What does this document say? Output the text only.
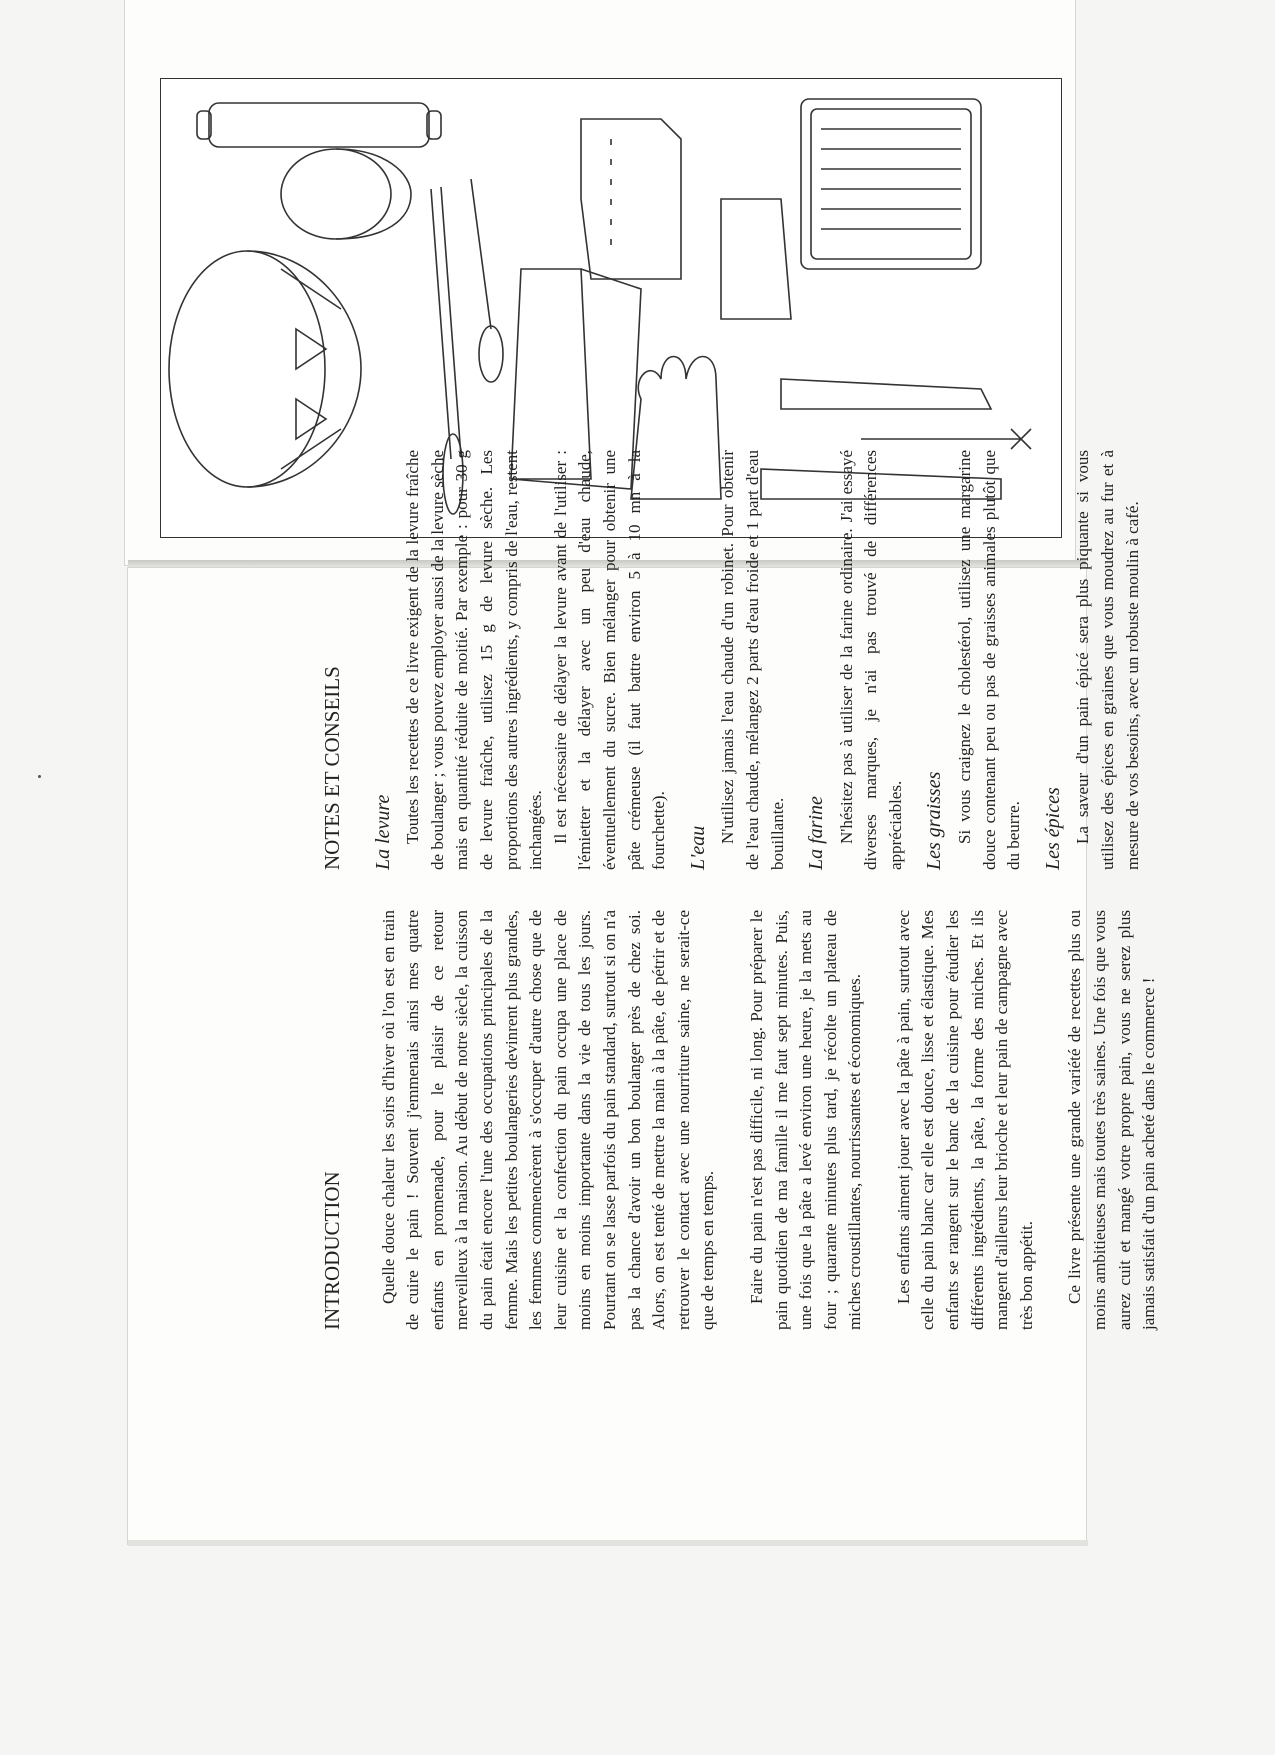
INTRODUCTION Quelle douce chaleur les soirs d'hiver où l'on est en train de cuire le pain ! Souvent j'emmenais ainsi mes quatre enfants en promenade, pour le plaisir de ce retour merveilleux à la maison. Au début de notre siècle, la cuisson du pain était encore l'une des occupations principales de la femme. Mais les petites boulangeries devinrent plus grandes, les femmes commencèrent à s'occuper d'autre chose que de leur cuisine et la confection du pain occupa une place de moins en moins importante dans la vie de tous les jours. Pourtant on se lasse parfois du pain standard, surtout si on n'a pas la chance d'avoir un bon boulanger près de chez soi. Alors, on est tenté de mettre la main à la pâte, de pétrir et de retrouver le contact avec une nourriture saine, ne serait-ce que de temps en temps. Faire du pain n'est pas difficile, ni long. Pour préparer le pain quotidien de ma famille il me faut sept minutes. Puis, une fois que la pâte a levé environ une heure, je la mets au four ; quarante minutes plus tard, je récolte un plateau de miches croustillantes, nourrissantes et économiques. Les enfants aiment jouer avec la pâte à pain, surtout avec celle du pain blanc car elle est douce, lisse et élastique. Mes enfants se rangent sur le banc de la cuisine pour étudier les différents ingrédients, la pâte, la forme des miches. Et ils mangent d'ailleurs leur brioche et leur pain de campagne avec très bon appétit. Ce livre présente une grande variété de recettes plus ou moins ambitieuses mais toutes très saines. Une fois que vous aurez cuit et mangé votre propre pain, vous ne serez plus jamais satisfait d'un pain acheté dans le commerce !

NOTES ET CONSEILS La levure Toutes les recettes de ce livre exigent de la levure fraîche de boulanger ; vous pouvez employer aussi de la levure sèche mais en quantité réduite de moitié. Par exemple : pour 30 g de levure fraîche, utilisez 15 g de levure sèche. Les proportions des autres ingrédients, y compris de l'eau, restent inchangées. Il est nécessaire de délayer la levure avant de l'utiliser : l'émietter et la délayer avec un peu d'eau chaude, éventuellement du sucre. Bien mélanger pour obtenir une pâte crémeuse (il faut battre environ 5 à 10 mn à la fourchette). L'eau

N'utilisez jamais l'eau chaude d'un robinet. Pour obtenir de l'eau chaude, mélangez 2 parts d'eau froide et 1 part d'eau bouillante. La farine N'hésitez pas à utiliser de la farine ordinaire. J'ai essayé diverses marques, je n'ai pas trouvé de différences appréciables. Les graisses Si vous craignez le cholestérol, utilisez une margarine douce contenant peu ou pas de graisses animales plutôt que du beurre. Les épices La saveur d'un pain épicé sera plus piquante si vous utilisez des épices en graines que vous moudrez au fur et à mesure de vos besoins, avec un robuste moulin à café.
